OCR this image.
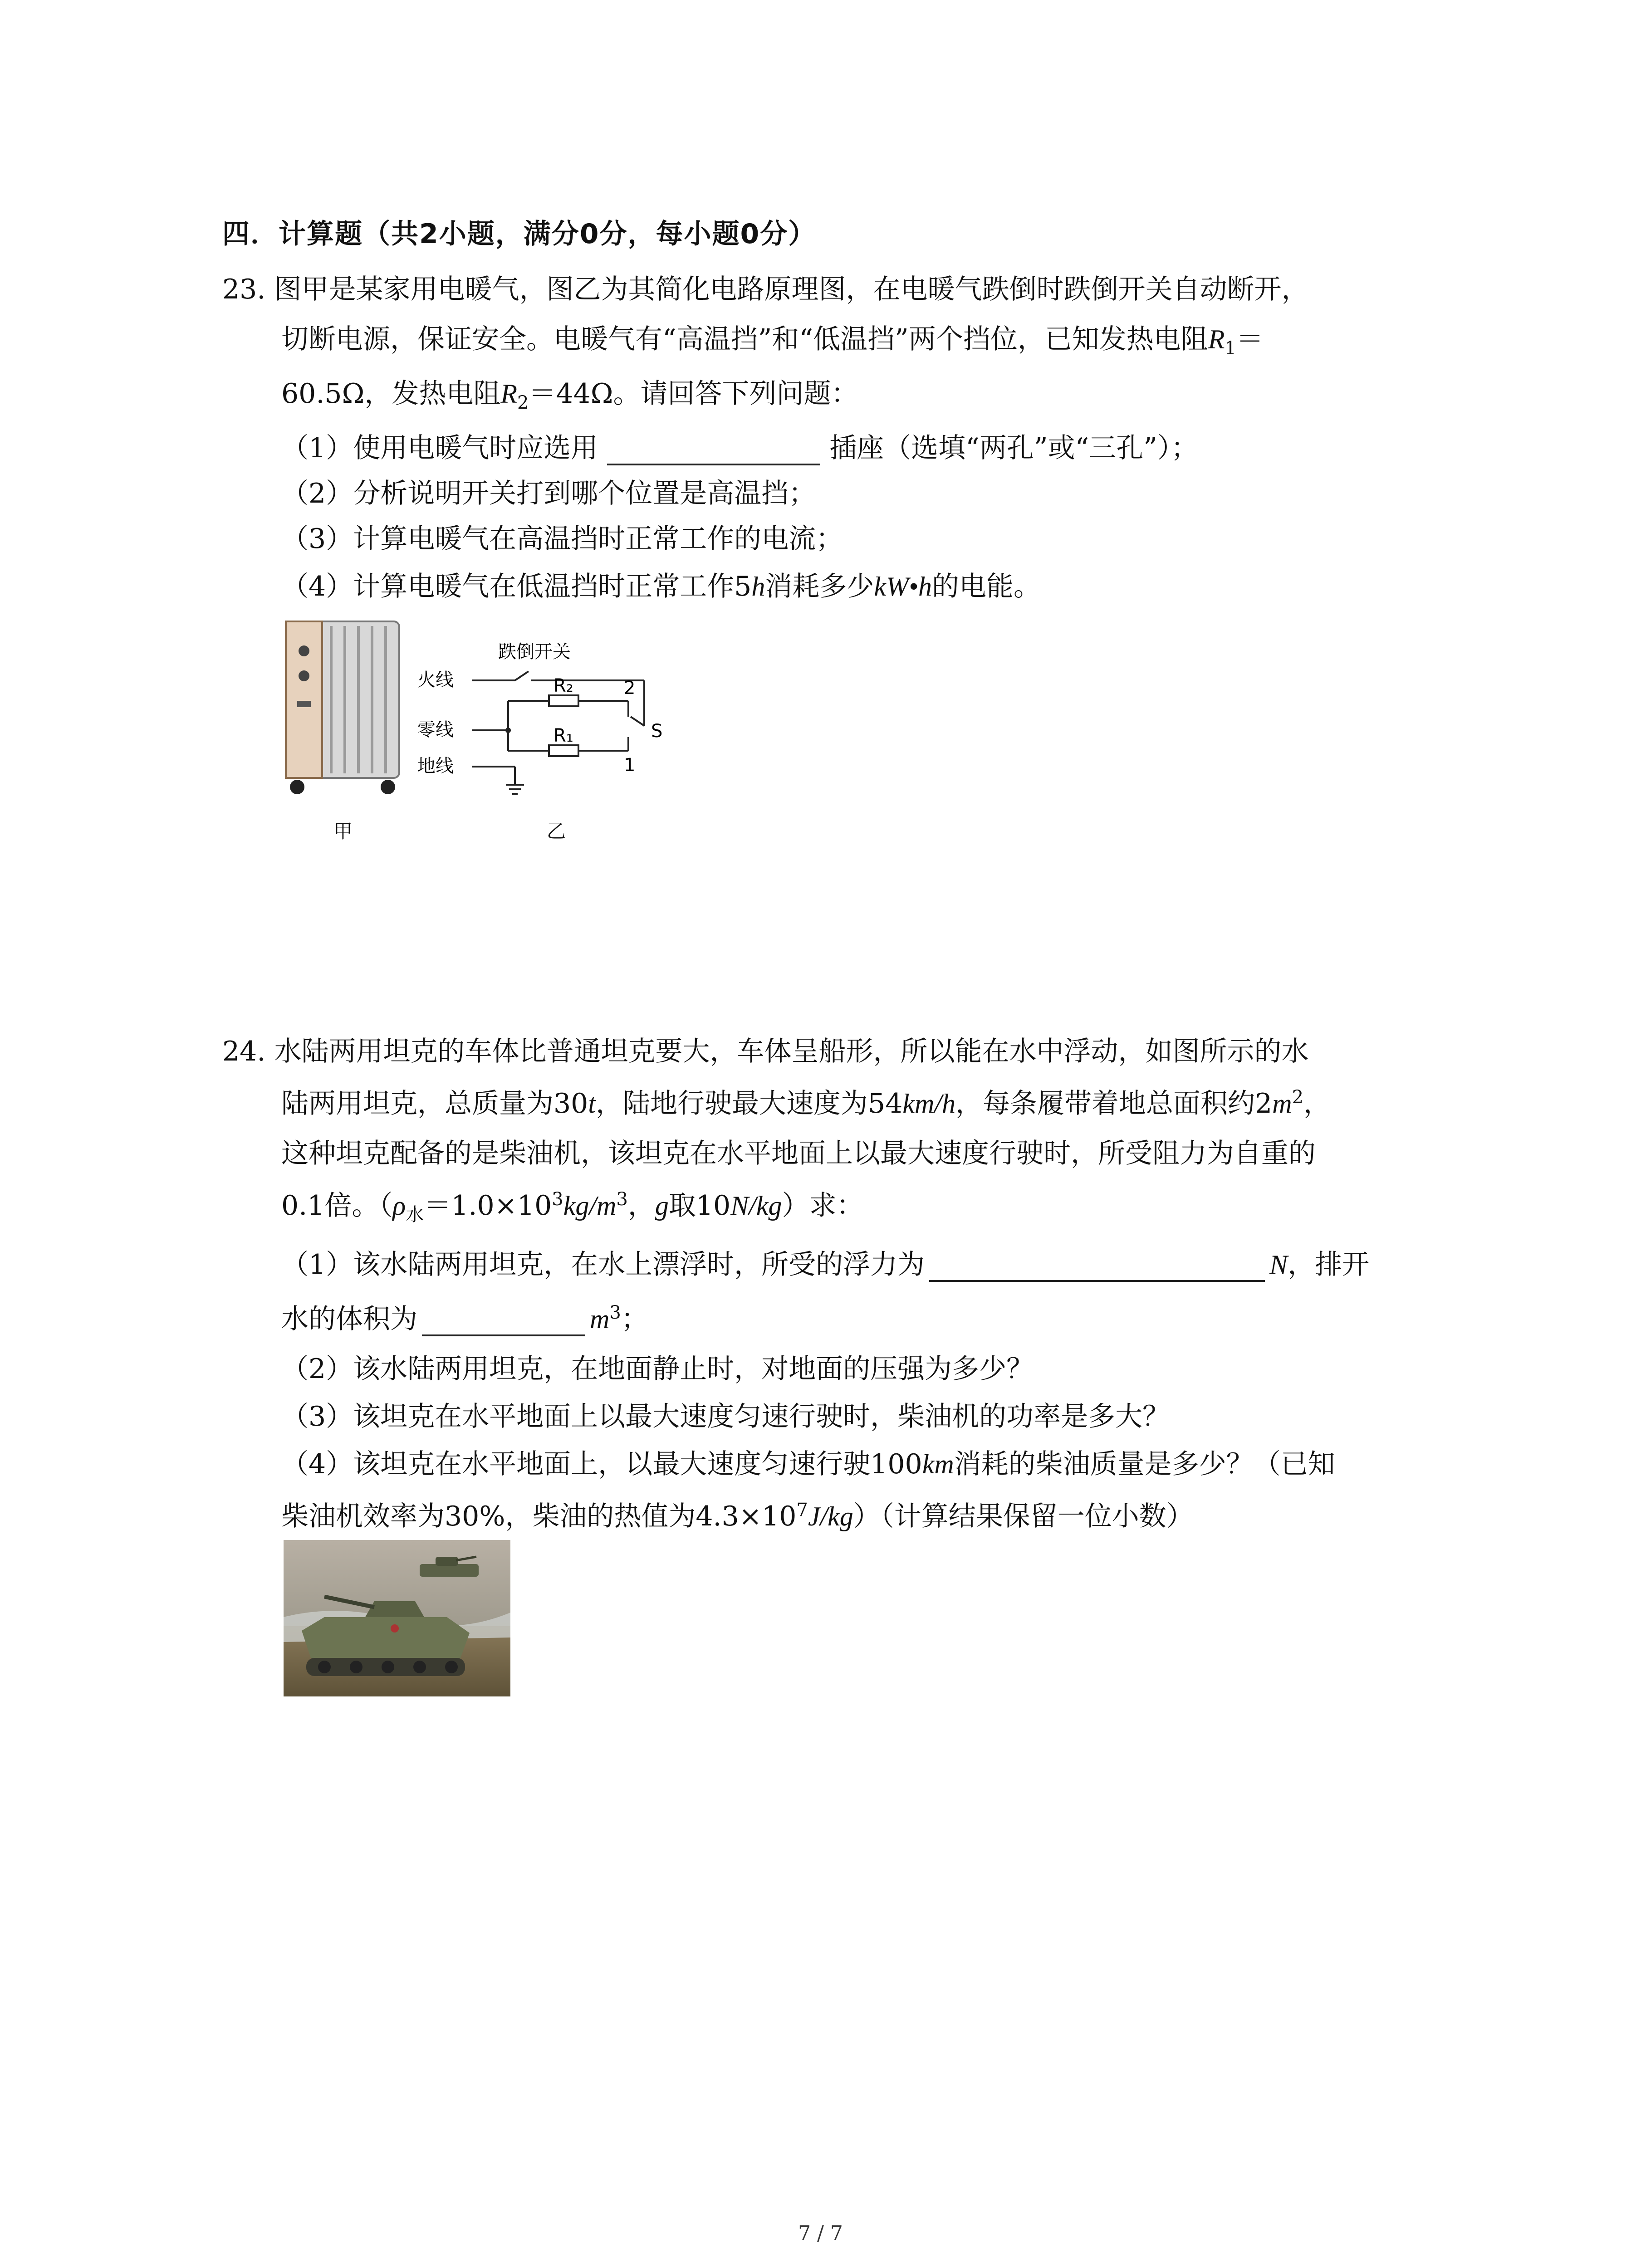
四．计算题（共2小题，满分0分，每小题0分）
23. 图甲是某家用电暖气，图乙为其简化电路原理图，在电暖气跌倒时跌倒开关自动断开，
切断电源，保证安全。电暖气有“高温挡”和“低温挡”两个挡位，已知发热电阻$R_1=$
60.5Ω，发热电阻$R_2=44\Omega$。请回答下列问题：
（1）使用电暖气时应选用	插座（选填“两孔”或“三孔”）；
（2）分析说明开关打到哪个位置是高温挡；
（3）计算电暖气在高温挡时正常工作的电流；
（4）计算电暖气在低温挡时正常工作5h消耗多少kW•h的电能。
甲
跌倒开关
火线
零线
地线
R₂
R₁
2
1
S
乙
24. 水陆两用坦克的车体比普通坦克要大，车体呈船形，所以能在水中浮动，如图所示的水
陆两用坦克，总质量为30t，陆地行驶最大速度为54km/h，每条履带着地总面积约$2m^2$，
这种坦克配备的是柴油机，该坦克在水平地面上以最大速度行驶时，所受阻力为自重的
0.1倍。（$\rho_水=1.0\times 10^3kg/m^3$，g取10N/kg）求：
（1）该水陆两用坦克，在水上漂浮时，所受的浮力为	N，排开
水的体积为	$m^3$；
（2）该水陆两用坦克，在地面静止时，对地面的压强为多少？
（3）该坦克在水平地面上以最大速度匀速行驶时，柴油机的功率是多大？
（4）该坦克在水平地面上，以最大速度匀速行驶100km消耗的柴油质量是多少？（已知
柴油机效率为30%，柴油的热值为$4.3\times 10^7J/kg$）（计算结果保留一位小数）
7 / 7
